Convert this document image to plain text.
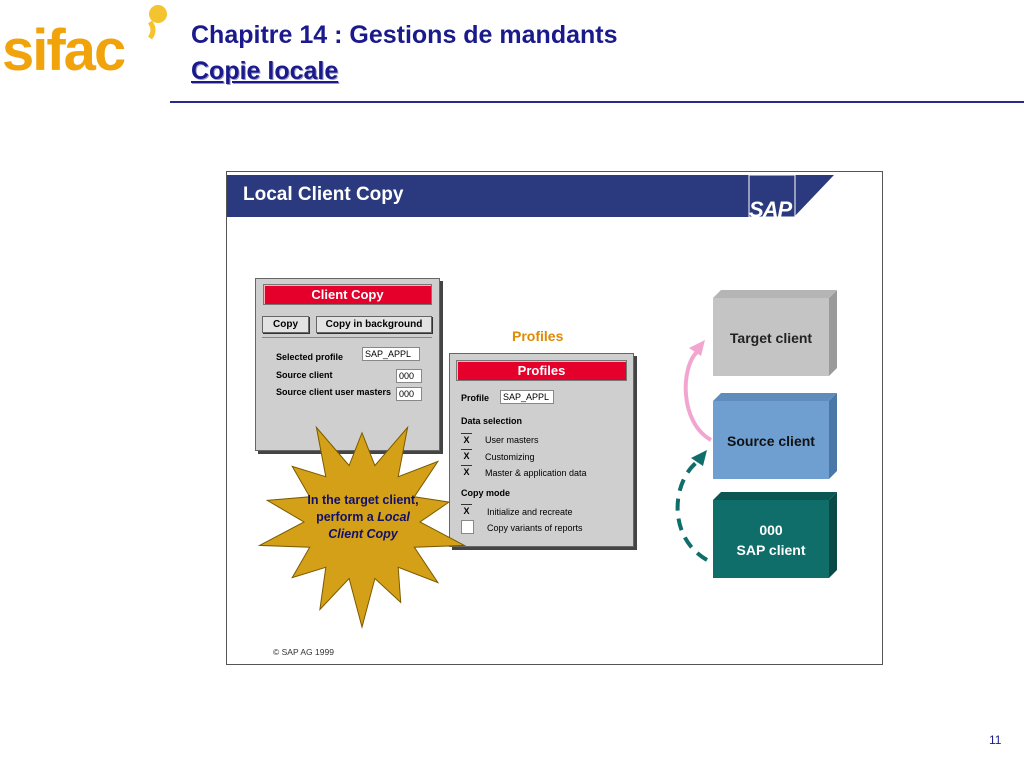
sifac	Chapitre 14 : Gestions de mandants
Copie locale
Local Client Copy
SAP
Client Copy
Copy	Copy in background
Selected profile	SAP_APPL
Source client	000
Source client user masters 000
Profiles
Profiles
Profile	SAP_APPL
Data selection
X User masters
X Customizing
X Master & application data
Copy mode
X Initialize and recreate
Copy variants of reports
In the target client,
perform a Local
Client Copy
Target client
Source client
000
SAP client
© SAP AG 1999
11
